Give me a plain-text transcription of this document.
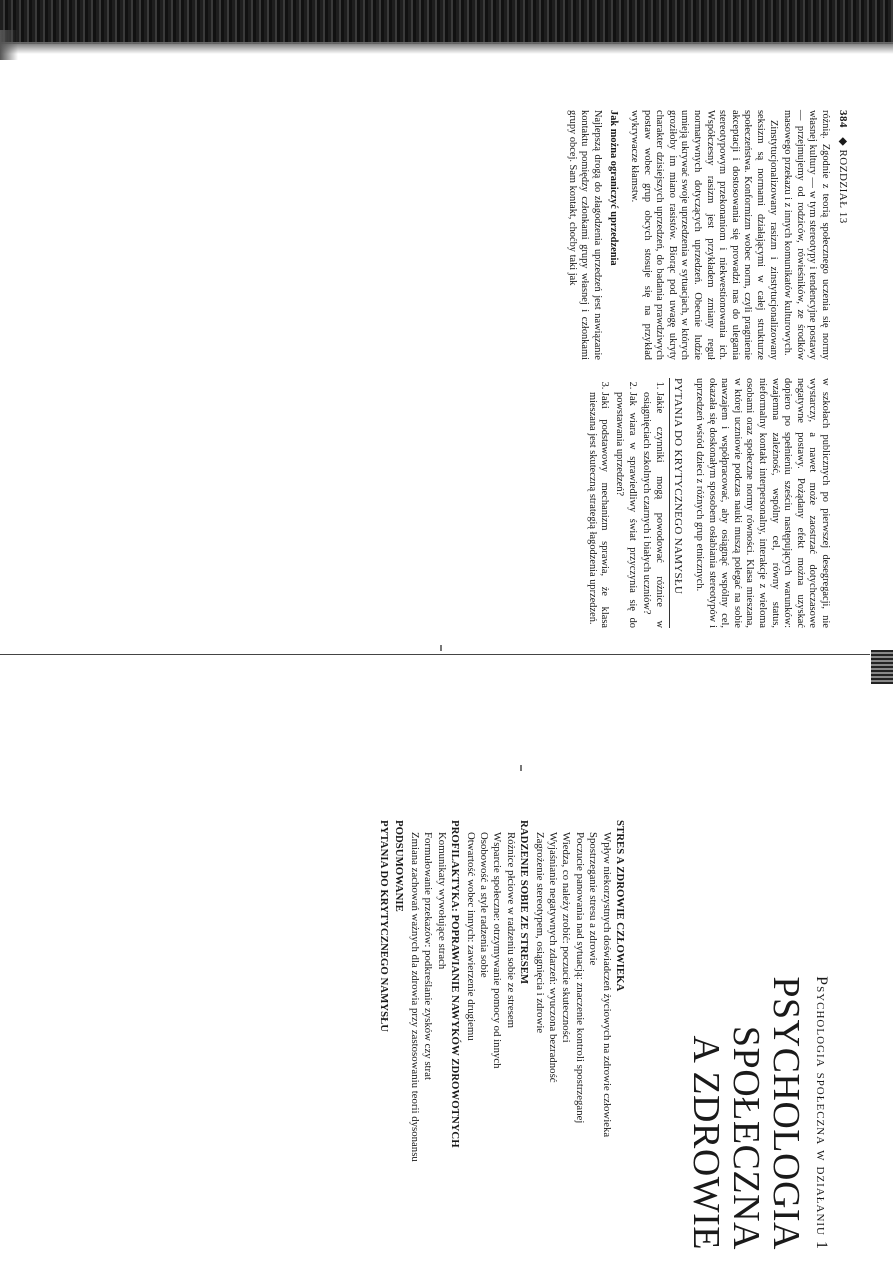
384 ◆ ROZDZIAŁ 13

różnią. Zgodnie z teorią społecznego uczenia się normy własnej kultury — w tym stereotypy i tendencyjne postawy — przejmujemy od rodziców, rówieśników, ze środków masowego przekazu i z innych komunikatów kulturowych.

Zinstytucjonalizowany rasizm i zinstytucjonalizowany seksizm są normami działającymi w całej strukturze społeczeństwa. Konformizm wobec norm, czyli pragnienie akceptacji i dostosowania się prowadzi nas do ulegania stereotypowym przekonaniom i niekwestionowania ich. Współczesny rasizm jest przykładem zmiany reguł normatywnych dotyczących uprzedzeń. Obecnie ludzie umieją ukrywać swoje uprzedzenia w sytuacjach, w których groziłoby im miano rasistów. Biorąc pod uwagę ukryty charakter dzisiejszych uprzedzeń, do badania prawdziwych postaw wobec grup obcych stosuje się na przykład wykrywacze kłamstw.

Jak można ograniczyć uprzedzenia

Najlepszą drogą do złagodzenia uprzedzeń jest nawiązanie kontaktu pomiędzy członkami grupy własnej i członkami grupy obcej. Sam kontakt, choćby taki jak

w szkołach publicznych po pierwszej desegregacji, nie wystarczy, a nawet może zaostrzać dotychczasowe negatywne postawy. Pożądany efekt można uzyskać dopiero po spełnieniu sześciu następujących warunków: wzajemna zależność, wspólny cel, równy status, nieformalny kontakt interpersonalny, interakcje z wieloma osobami oraz społeczne normy równości. Klasa mieszana, w której uczniowie podczas nauki muszą polegać na sobie nawzajem i współpracować, aby osiągnąć wspólny cel, okazała się doskonałym sposobem osłabiania stereotypów i uprzedzeń wśród dzieci z różnych grup etnicznych.

PYTANIA DO KRYTYCZNEGO NAMYSŁU
1. Jakie czynniki mogą powodować różnice w osiągnięciach szkolnych czarnych i białych uczniów?
2. Jak wiara w sprawiedliwy świat przyczynia się do powstawania uprzedzeń?
3. Jaki podstawowy mechanizm sprawia, że klasa mieszana jest skuteczną strategią łagodzenia uprzedzeń.
Psychologia społeczna w działaniu 1
PSYCHOLOGIA SPOŁECZNA
A ZDROWIE
STRES A ZDROWIE CZŁOWIEKA
Wpływ niekorzystnych doświadczeń życiowych na zdrowie człowieka
Spostrzeganie stresu a zdrowie
Poczucie panowania nad sytuacją: znaczenie kontroli spostrzeganej
Wiedza, co należy zrobić: poczucie skuteczności
Wyjaśnianie negatywnych zdarzeń: wyuczona bezradność
Zagrożenie stereotypem, osiągnięcia i zdrowie
RADZENIE SOBIE ZE STRESEM
Różnice płciowe w radzeniu sobie ze stresem
Wsparcie społeczne: otrzymywanie pomocy od innych
Osobowość a style radzenia sobie
Otwartość wobec innych: zawierzenie drugiemu
PROFILAKTYKA: POPRAWIANIE NAWYKÓW ZDROWOTNYCH
Komunikaty wywołujące strach
Formułowanie przekazów: podkreślanie zysków czy strat
Zmiana zachowań ważnych dla zdrowia przy zastosowaniu teorii dysonansu
PODSUMOWANIE
PYTANIA DO KRYTYCZNEGO NAMYSŁU
